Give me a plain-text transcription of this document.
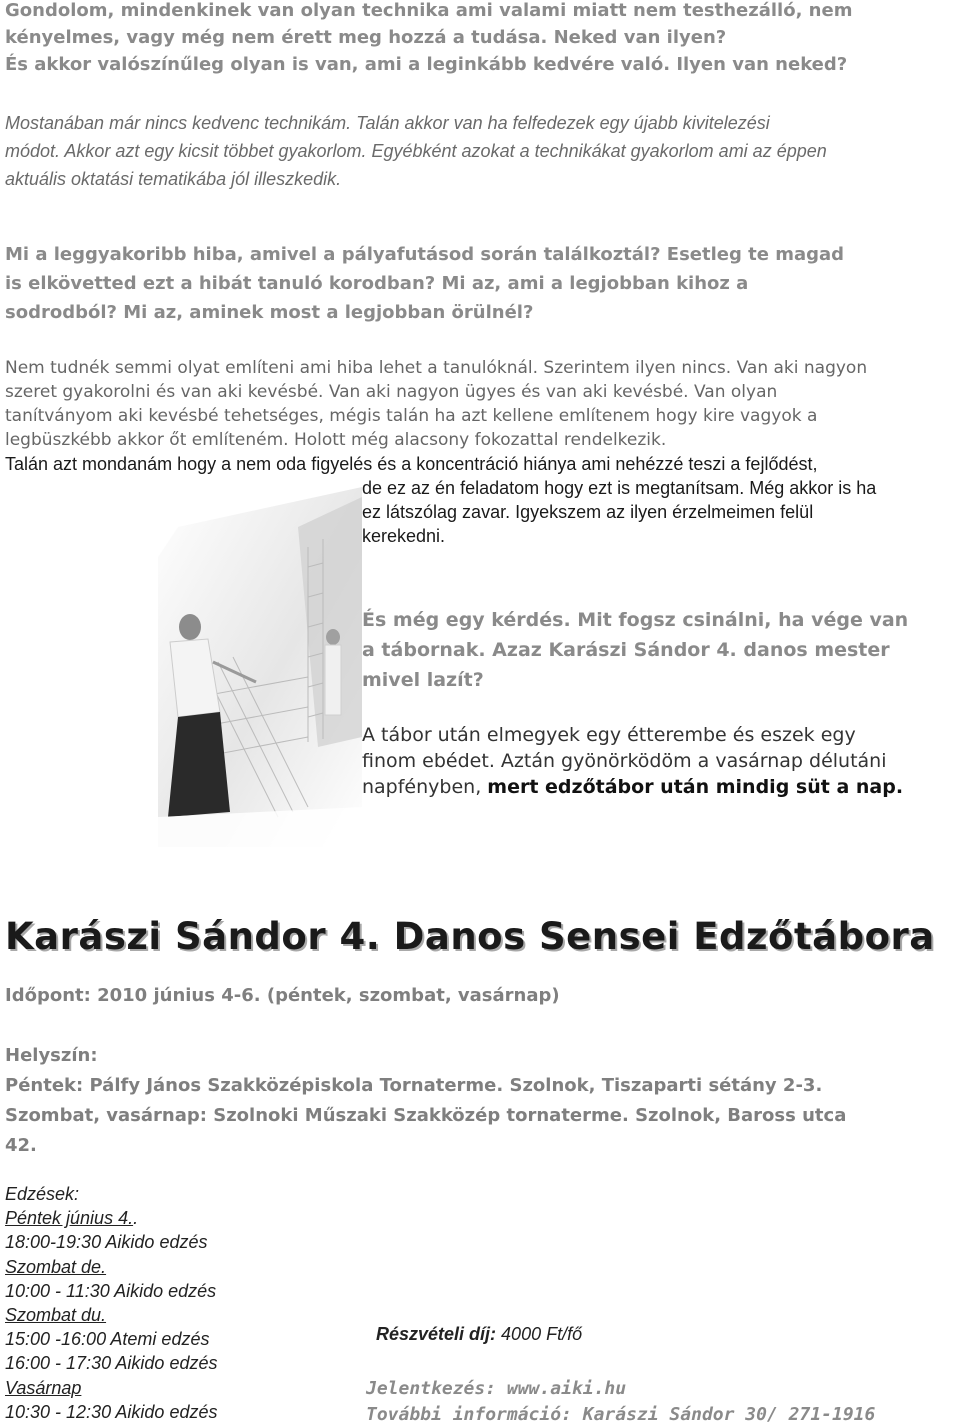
Gondolom, mindenkinek van olyan technika ami valami miatt nem testhezálló, nem
kényelmes, vagy még nem érett meg hozzá a tudása. Neked van ilyen?
És akkor valószínűleg olyan is van, ami a leginkább kedvére való. Ilyen van neked?
Mostanában már nincs kedvenc technikám. Talán akkor van ha felfedezek egy újabb kivitelezési
módot. Akkor azt egy kicsit többet gyakorlom. Egyébként azokat a technikákat gyakorlom ami az éppen
aktuális oktatási tematikába jól illeszkedik.
Mi a leggyakoribb hiba, amivel a pályafutásod során találkoztál? Esetleg te magad
is elkövetted ezt a hibát tanuló korodban? Mi az, ami a legjobban kihoz a
sodrodból? Mi az, aminek most a legjobban örülnél?
Nem tudnék semmi olyat említeni ami hiba lehet a tanulóknál. Szerintem ilyen nincs. Van aki nagyon
szeret gyakorolni és van aki kevésbé. Van aki nagyon ügyes és van aki kevésbé. Van olyan
tanítványom aki kevésbé tehetséges, mégis talán ha azt kellene említenem hogy kire vagyok a
legbüszkébb akkor őt említeném. Holott még alacsony fokozattal rendelkezik.
Talán azt mondanám hogy a nem oda figyelés és a koncentráció hiánya ami nehézzé teszi a fejlődést,
de ez az én feladatom hogy ezt is megtanítsam. Még akkor is ha
ez látszólag zavar. Igyekszem az ilyen érzelmeimen felül
kerekedni.
És még egy kérdés. Mit fogsz csinálni, ha vége van
a tábornak. Azaz Karászi Sándor 4. danos mester
mivel lazít?
A tábor után elmegyek egy étterembe és eszek egy
finom ebédet. Aztán gyönörködöm a vasárnap délutáni
napfényben, mert edzőtábor után mindig süt a nap.
Karászi Sándor 4. Danos Sensei Edzőtábora
Időpont: 2010 június 4-6. (péntek, szombat, vasárnap)
Helyszín:
Péntek: Pálfy János Szakközépiskola Tornaterme. Szolnok, Tiszaparti sétány 2-3.
Szombat, vasárnap: Szolnoki Műszaki Szakközép tornaterme. Szolnok, Baross utca
42.
Edzések:
Péntek június 4..
18:00-19:30 Aikido edzés
Szombat de.
10:00 - 11:30 Aikido edzés
Szombat du.
15:00 -16:00 Atemi edzés
16:00 - 17:30 Aikido edzés
Vasárnap
10:30 - 12:30 Aikido edzés
Részvételi díj: 4000 Ft/fő
Jelentkezés: www.aiki.hu
További információ: Karászi Sándor 30/ 271-1916
